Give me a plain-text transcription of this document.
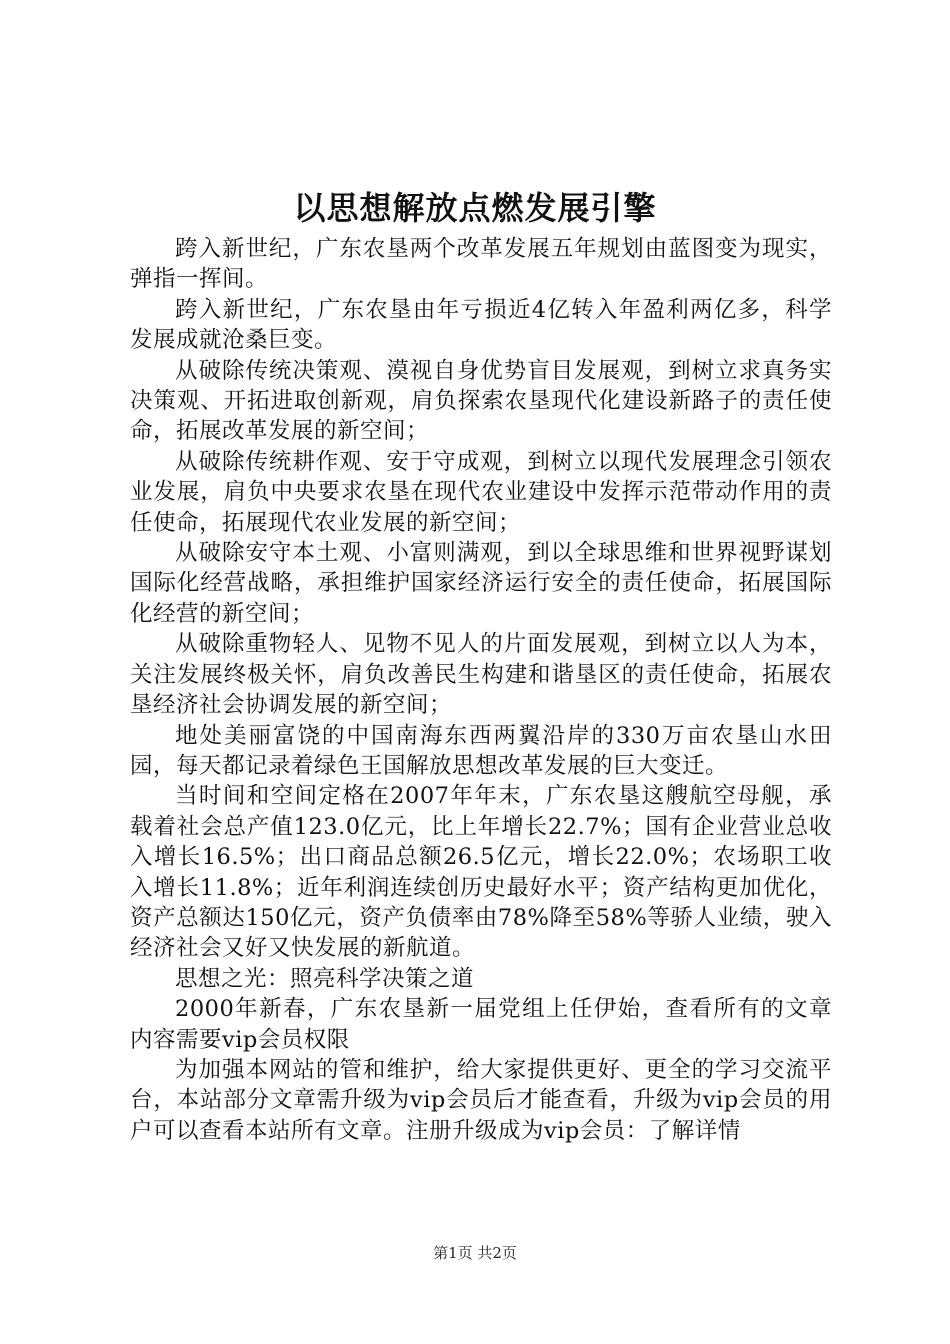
以思想解放点燃发展引擎

跨入新世纪，广东农垦两个改革发展五年规划由蓝图变为现实，弹指一挥间。

跨入新世纪，广东农垦由年亏损近4亿转入年盈利两亿多，科学发展成就沧桑巨变。

从破除传统决策观、漠视自身优势盲目发展观，到树立求真务实决策观、开拓进取创新观，肩负探索农垦现代化建设新路子的责任使命，拓展改革发展的新空间；

从破除传统耕作观、安于守成观，到树立以现代发展理念引领农业发展，肩负中央要求农垦在现代农业建设中发挥示范带动作用的责任使命，拓展现代农业发展的新空间；

从破除安守本土观、小富则满观，到以全球思维和世界视野谋划国际化经营战略，承担维护国家经济运行安全的责任使命，拓展国际化经营的新空间；

从破除重物轻人、见物不见人的片面发展观，到树立以人为本，关注发展终极关怀，肩负改善民生构建和谐垦区的责任使命，拓展农垦经济社会协调发展的新空间；

地处美丽富饶的中国南海东西两翼沿岸的330万亩农垦山水田园，每天都记录着绿色王国解放思想改革发展的巨大变迁。

当时间和空间定格在2007年年末，广东农垦这艘航空母舰，承载着社会总产值123.0亿元，比上年增长22.7%；国有企业营业总收入增长16.5%；出口商品总额26.5亿元，增长22.0%；农场职工收入增长11.8%；近年利润连续创历史最好水平；资产结构更加优化，资产总额达150亿元，资产负债率由78%降至58%等骄人业绩，驶入经济社会又好又快发展的新航道。

思想之光：照亮科学决策之道

2000年新春，广东农垦新一届党组上任伊始，查看所有的文章内容需要vip会员权限

为加强本网站的管和维护，给大家提供更好、更全的学习交流平台，本站部分文章需升级为vip会员后才能查看，升级为vip会员的用户可以查看本站所有文章。注册升级成为vip会员：了解详情

第1页 共2页
